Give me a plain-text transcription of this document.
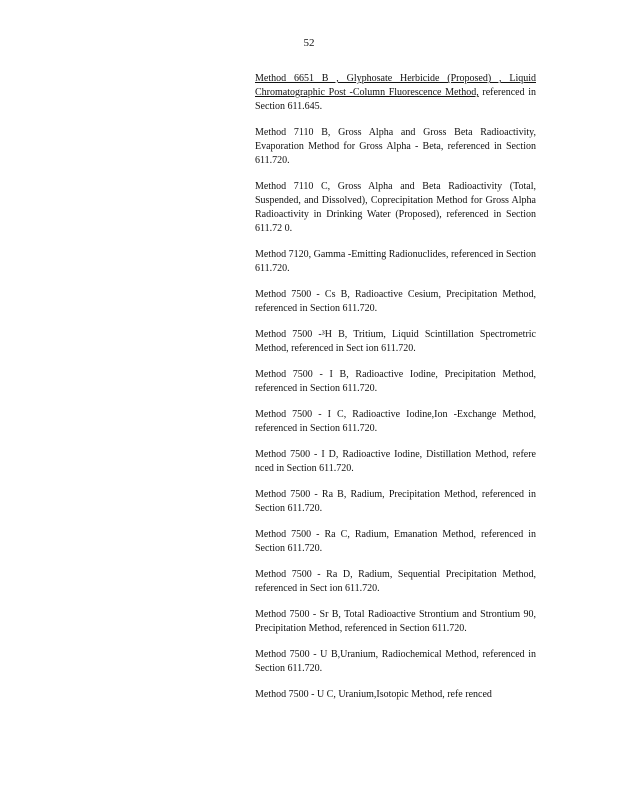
52

Method 6651 B , Glyphosate Herbicide (Proposed) , Liquid Chromatographic Post -Column Fluorescence Method, referenced in Section 611.645.

Method 7110 B, Gross Alpha and Gross Beta Radioactivity, Evaporation Method for Gross Alpha - Beta, referenced in Section 611.720.

Method 7110 C, Gross Alpha and Beta Radioactivity (Total, Suspended, and Dissolved), Coprecipitation Method for Gross Alpha Radioactivity in Drinking Water (Proposed), referenced in Section 611.72 0.

Method 7120, Gamma -Emitting Radionuclides, referenced in Section 611.720.

Method 7500 - Cs B, Radioactive Cesium, Precipitation Method, referenced in Section 611.720.

Method 7500 -³H B, Tritium, Liquid Scintillation Spectrometric Method, referenced in Sect ion 611.720.

Method 7500 - I B, Radioactive Iodine, Precipitation Method, referenced in Section 611.720.

Method 7500 - I C, Radioactive Iodine,Ion -Exchange Method, referenced in Section 611.720.

Method 7500 - I D, Radioactive Iodine, Distillation Method, refere nced in Section 611.720.

Method 7500 - Ra B, Radium, Precipitation Method, referenced in Section 611.720.

Method 7500 - Ra C, Radium, Emanation Method, referenced in Section 611.720.

Method 7500 - Ra D, Radium, Sequential Precipitation Method, referenced in Sect ion 611.720.

Method 7500 - Sr B, Total Radioactive Strontium and Strontium 90, Precipitation Method, referenced in Section 611.720.

Method 7500 - U B,Uranium, Radiochemical Method, referenced in Section 611.720.

Method 7500 - U C, Uranium,Isotopic Method, refe renced
